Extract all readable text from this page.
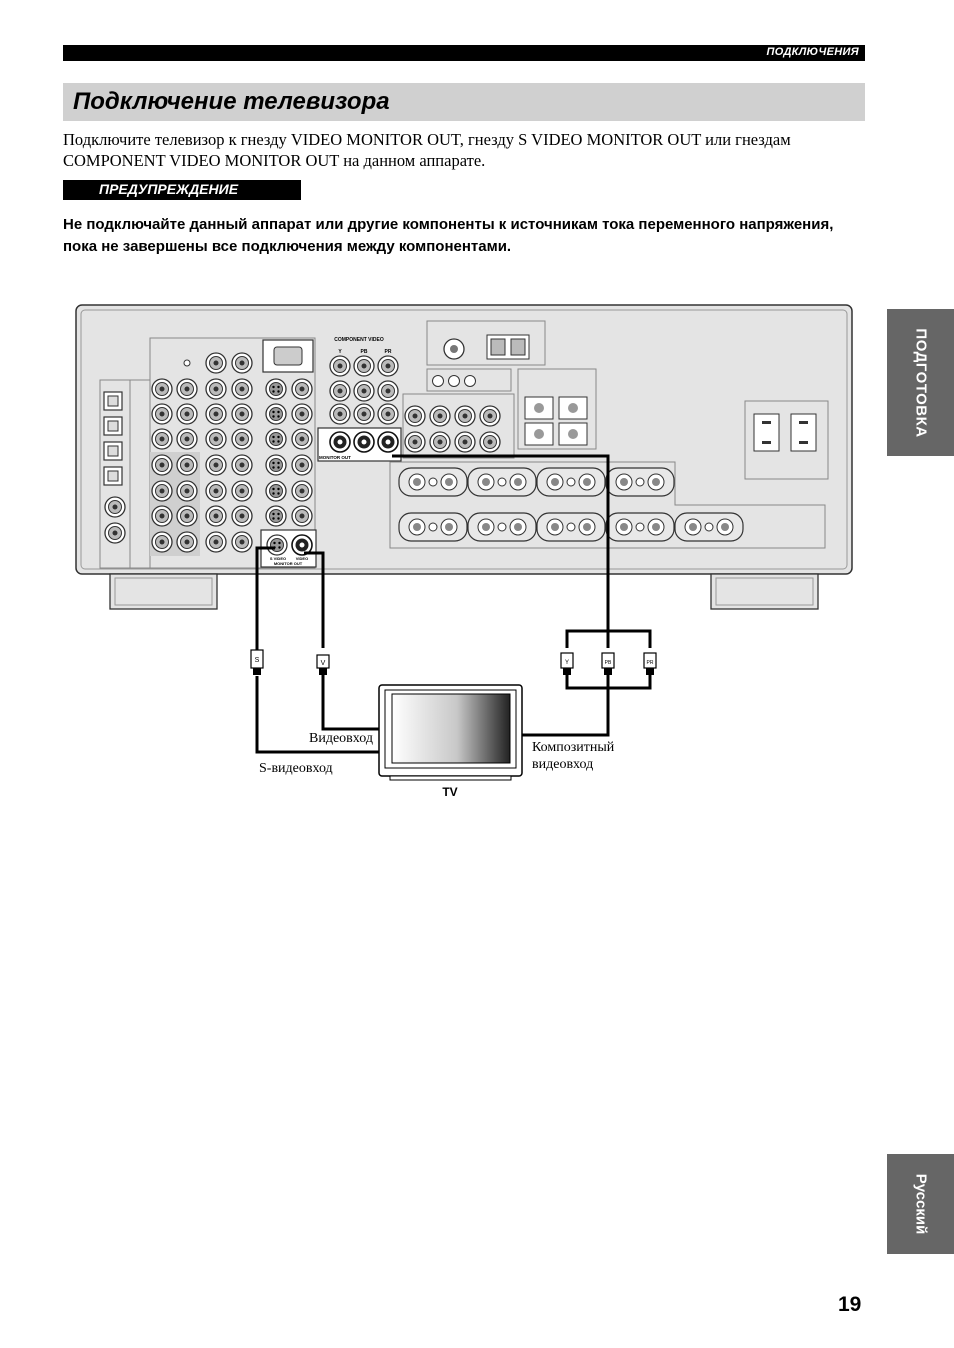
ПОДКЛЮЧЕНИЯ
Подключение телевизора
Подключите телевизор к гнезду VIDEO MONITOR OUT, гнезду S VIDEO MONITOR OUT или гнездам COMPONENT VIDEO MONITOR OUT на данном аппарате.
ПРЕДУПРЕЖДЕНИЕ
Не подключайте данный аппарат или другие компоненты к источникам тока переменного напряжения, пока не завершены все подключения между компонентами.
COMPONENT VIDEO
Y	PB	PR
MONITOR OUT
S VIDEO VIDEO
MONITOR OUT
S	V	Y	PB	PR
Видеовход
S-видеовход
Композитный
видеовход
TV
ПОДГОТОВКА
Русский
19
